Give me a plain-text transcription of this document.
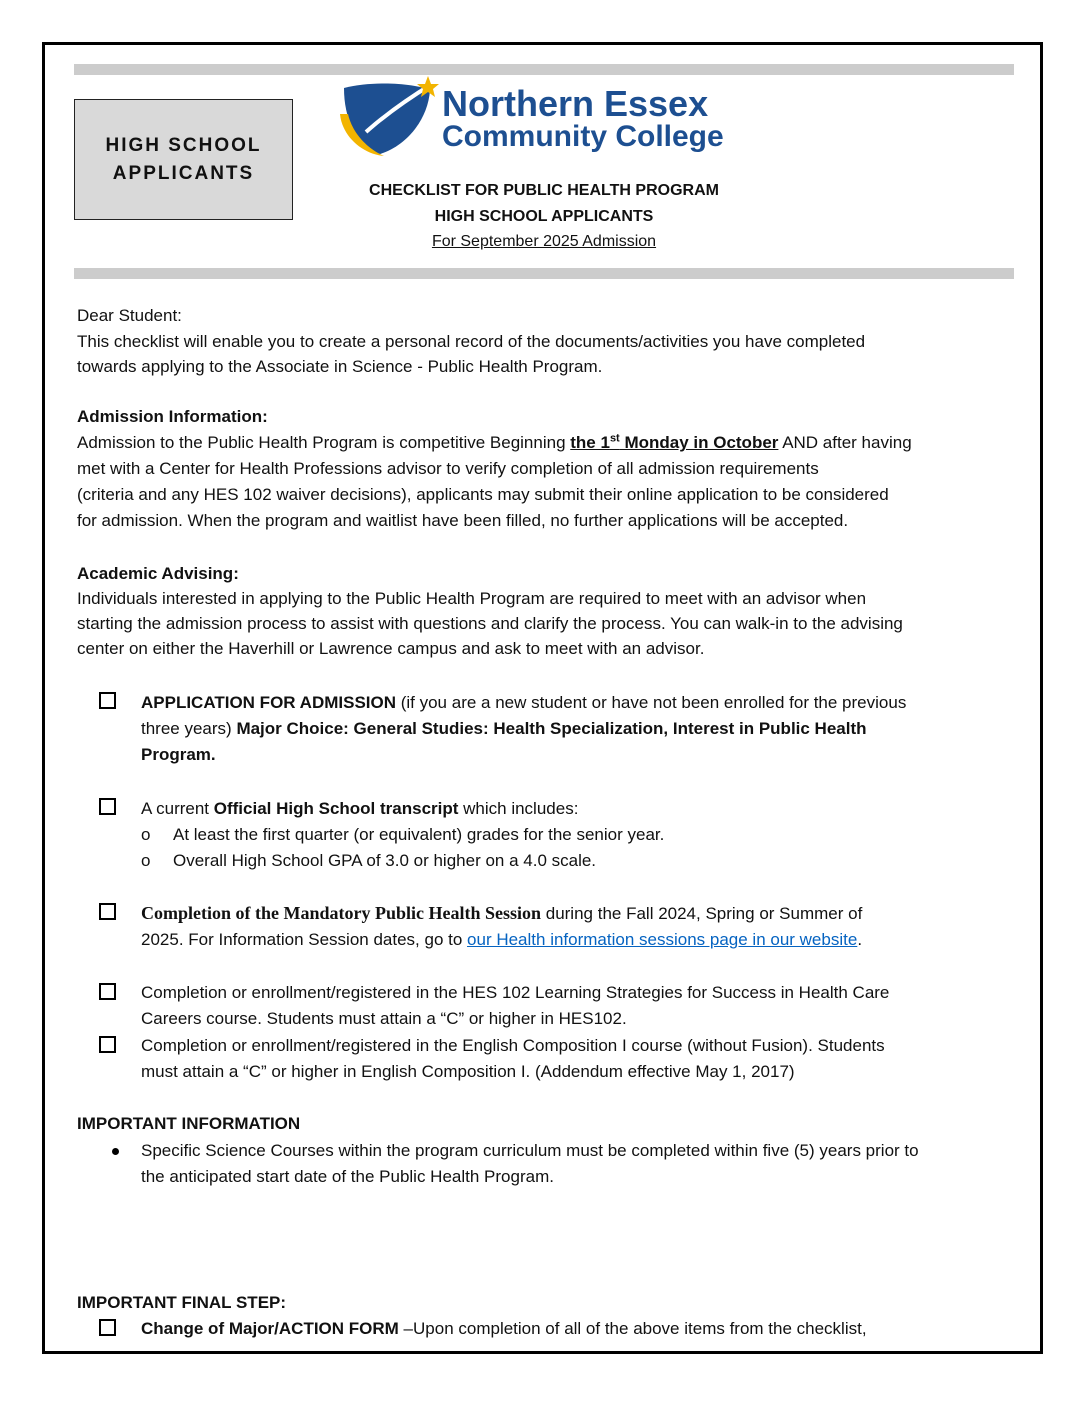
HIGH SCHOOL
APPLICANTS
Northern Essex
Community College
CHECKLIST FOR PUBLIC HEALTH PROGRAM
HIGH SCHOOL APPLICANTS
For September 2025 Admission
Dear Student:
This checklist will enable you to create a personal record of the documents/activities you have completed
towards applying to the Associate in Science - Public Health Program.
Admission Information:
Admission to the Public Health Program is competitive Beginning the 1st Monday in October AND after having
met with a Center for Health Professions advisor to verify completion of all admission requirements
(criteria and any HES 102 waiver decisions), applicants may submit their online application to be considered
for admission. When the program and waitlist have been filled, no further applications will be accepted.
Academic Advising:
Individuals interested in applying to the Public Health Program are required to meet with an advisor when
starting the admission process to assist with questions and clarify the process. You can walk-in to the advising
center on either the Haverhill or Lawrence campus and ask to meet with an advisor.
APPLICATION FOR ADMISSION (if you are a new student or have not been enrolled for the previous
three years) Major Choice: General Studies: Health Specialization, Interest in Public Health
Program.
A current Official High School transcript which includes:
o At least the first quarter (or equivalent) grades for the senior year.
o Overall High School GPA of 3.0 or higher on a 4.0 scale.
Completion of the Mandatory Public Health Session during the Fall 2024, Spring or Summer of
2025. For Information Session dates, go to our Health information sessions page in our website.
Completion or enrollment/registered in the HES 102 Learning Strategies for Success in Health Care
Careers course. Students must attain a “C” or higher in HES102.
Completion or enrollment/registered in the English Composition I course (without Fusion). Students
must attain a “C” or higher in English Composition I. (Addendum effective May 1, 2017)
IMPORTANT INFORMATION
Specific Science Courses within the program curriculum must be completed within five (5) years prior to
the anticipated start date of the Public Health Program.
IMPORTANT FINAL STEP:
Change of Major/ACTION FORM –Upon completion of all of the above items from the checklist,
